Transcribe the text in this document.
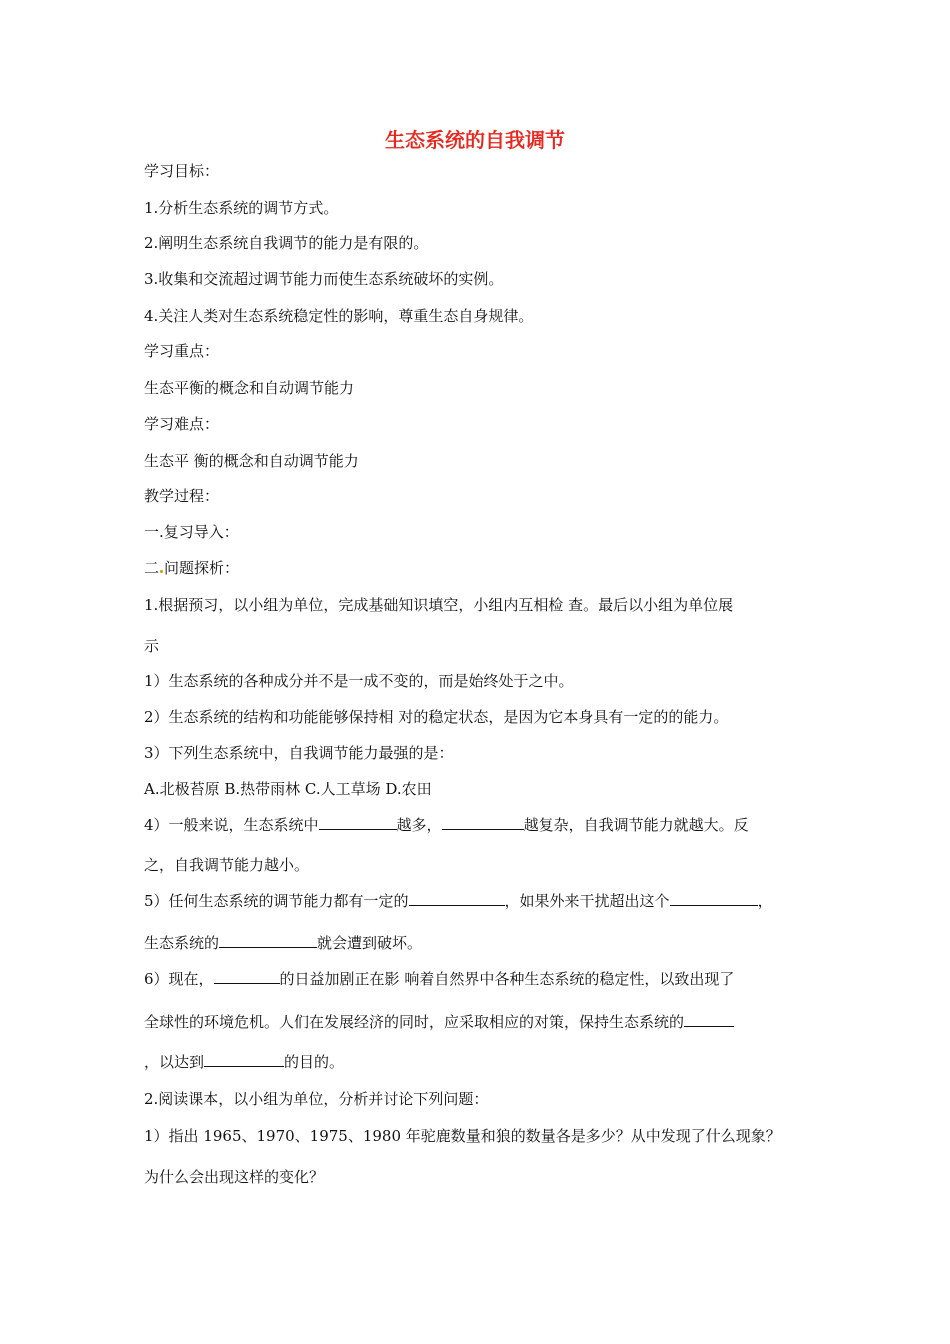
生态系统的自我调节
学习目标：
1.分析生态系统的调节方式。
2.阐明生态系统自我调节的能力是有限的。
3.收集和交流超过调节能力而使生态系统破坏的实例。
4.关注人类对生态系统稳定性的影响，尊重生态自身规律。
学习重点：
生态平衡的概念和自动调节能力
学习难点：
生态平 衡的概念和自动调节能力
教学过程：
一.复习导入：
二 问题探析：
1.根据预习，以小组为单位，完成基础知识填空，小组内互相检 查。最后以小组为单位展
示
1）生态系统的各种成分并不是一成不变的，而是始终处于之中。
2）生态系统的结构和功能能够保持相 对的稳定状态，是因为它本身具有一定的的能力。
3）下列生态系统中，自我调节能力最强的是：
A.北极苔原 B.热带雨林 C.人工草场 D.农田
4）一般来说，生态系统中	越多，	越复杂，自我调节能力就越大。反
之，自我调节能力越小。
5）任何生态系统的调节能力都有一定的	，如果外来干扰超出这个	，
生态系统的	就会遭到破坏。
6）现在，	的日益加剧正在影 响着自然界中各种生态系统的稳定性，以致出现了
全球性的环境危机。人们在发展经济的同时，应采取相应的对策，保持生态系统的
，以达到	的目的。
2.阅读课本，以小组为单位，分析并讨论下列问题：
1）指出 1965、1970、1975、1980 年驼鹿数量和狼的数量各是多少？从中发现了什么现象？
为什么会出现这样的变化？
